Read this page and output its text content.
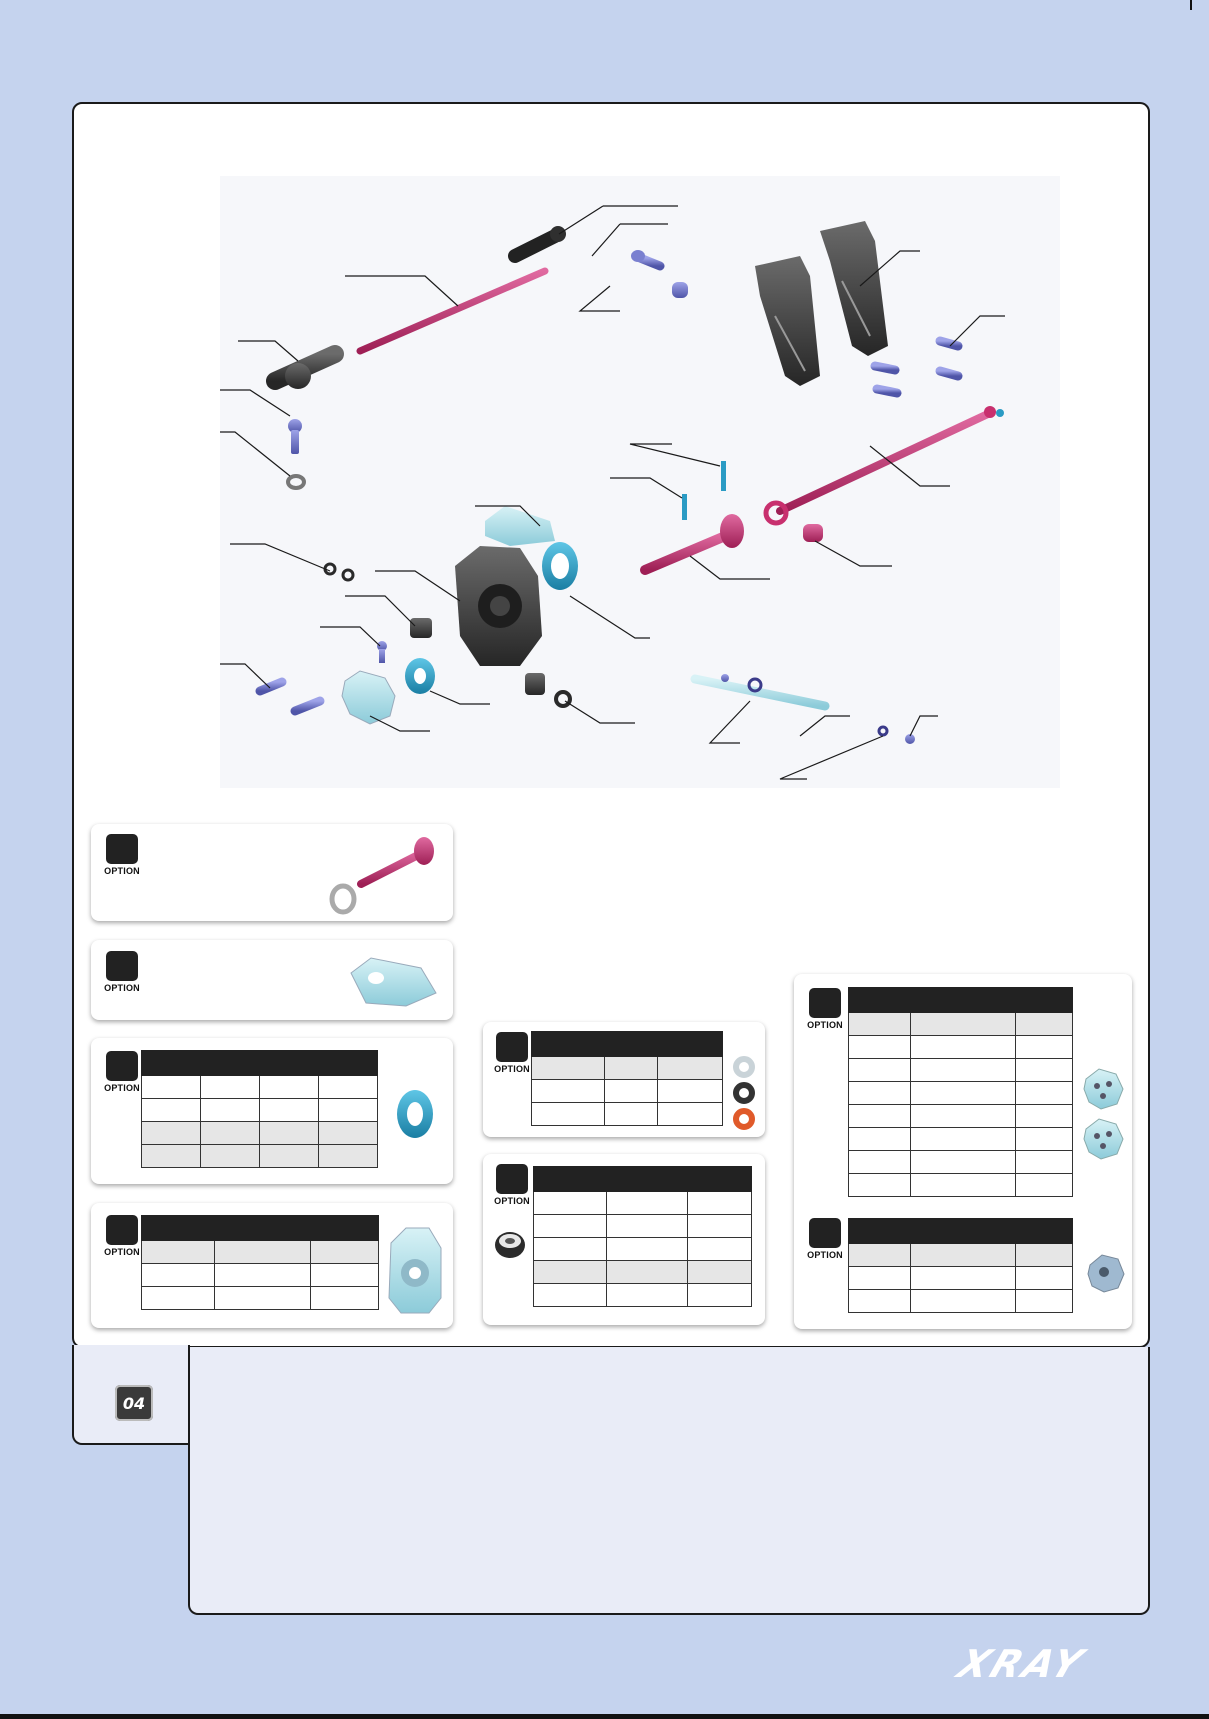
OPTION
OPTION
OPTION

OPTION

OPTION

OPTION

OPTION

OPTION

04
XRAY
